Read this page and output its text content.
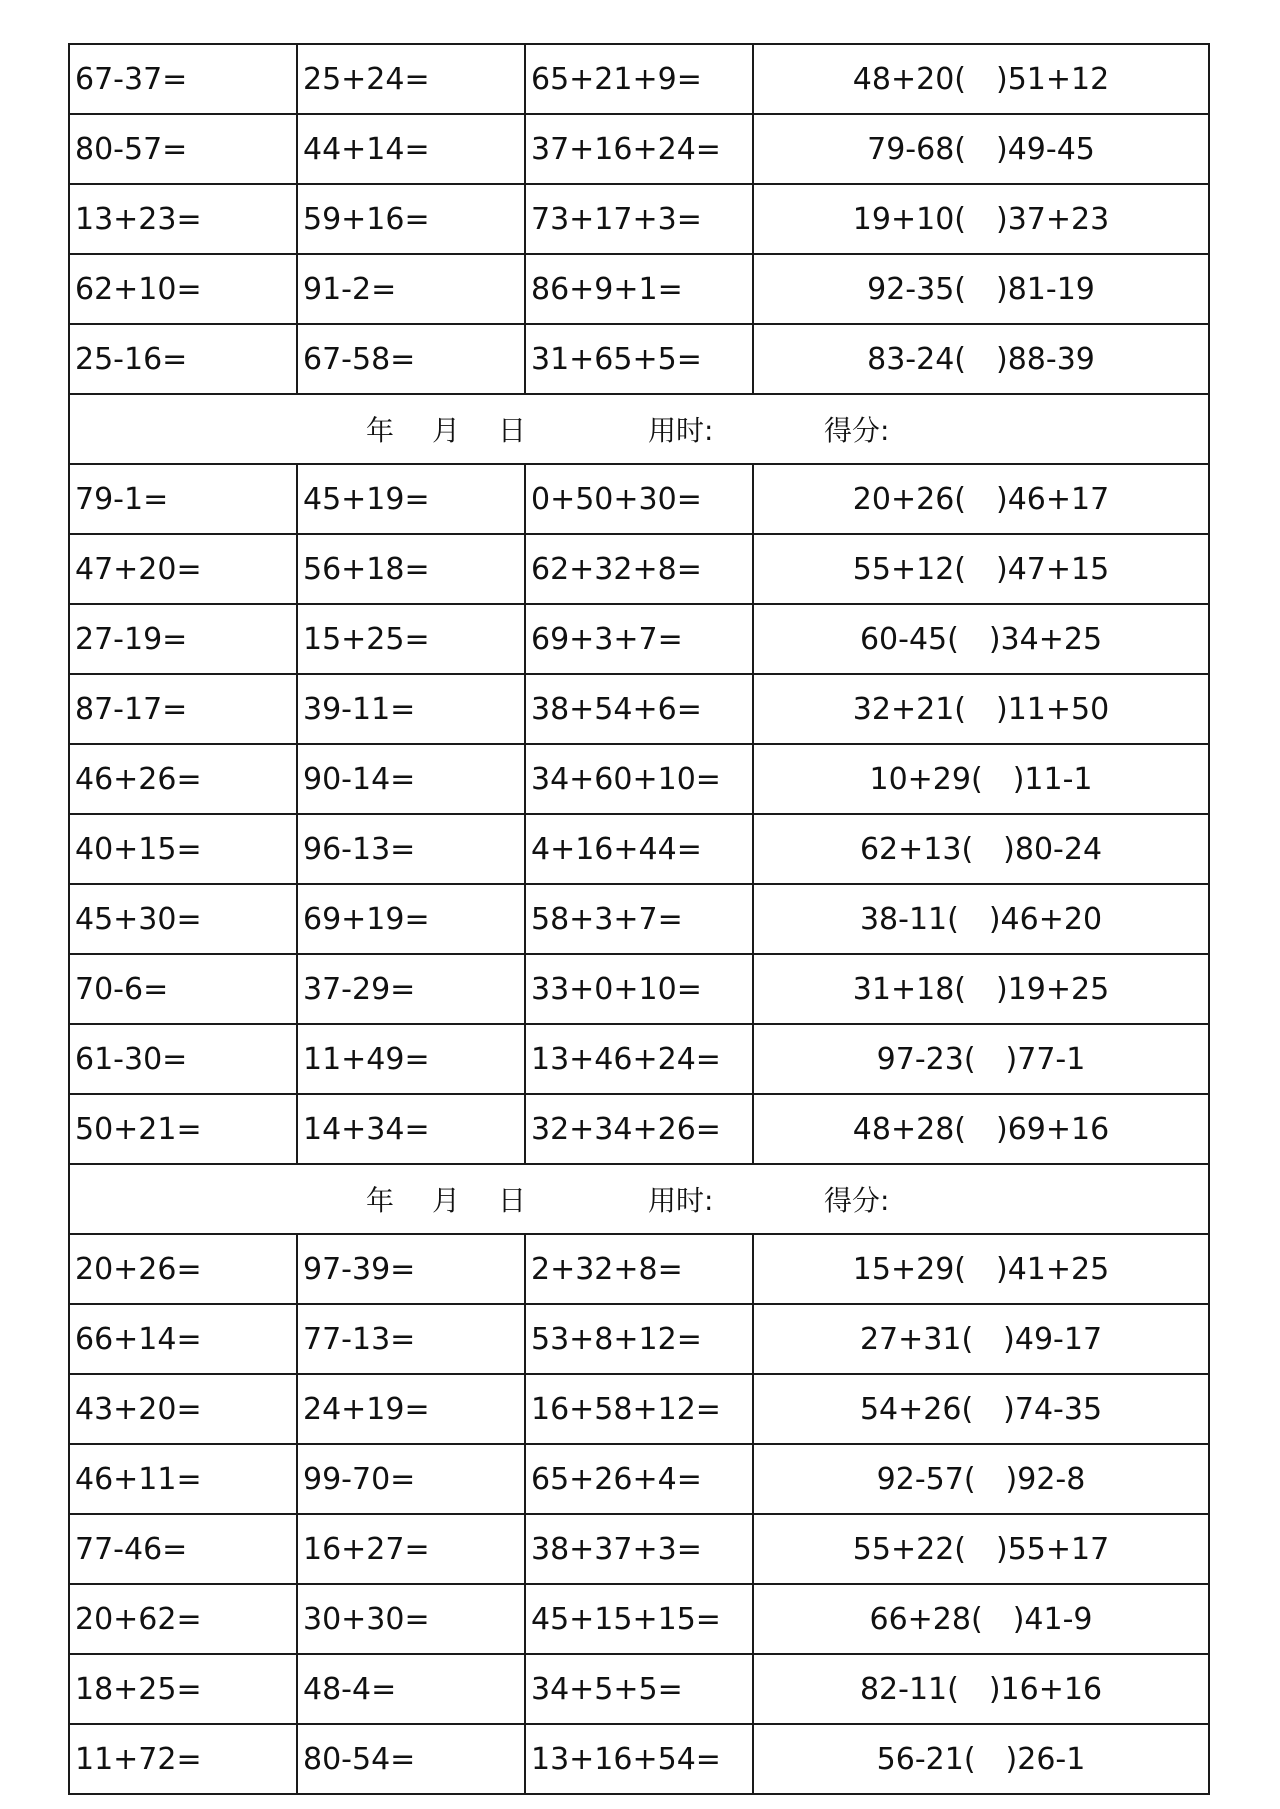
67-37=	25+24=	65+21+9=	48+20( )51+12
80-57=	44+14=	37+16+24=	79-68( )49-45
13+23=	59+16=	73+17+3=	19+10( )37+23
62+10=	91-2=	86+9+1=	92-35( )81-19
25-16=	67-58=	31+65+5=	83-24( )88-39

年 月 日 用时: 得分:			

79-1=	45+19=	0+50+30=	20+26( )46+17
47+20=	56+18=	62+32+8=	55+12( )47+15
27-19=	15+25=	69+3+7=	60-45( )34+25
87-17=	39-11=	38+54+6=	32+21( )11+50
46+26=	90-14=	34+60+10=	10+29( )11-1
40+15=	96-13=	4+16+44=	62+13( )80-24
45+30=	69+19=	58+3+7=	38-11( )46+20
70-6=	37-29=	33+0+10=	31+18( )19+25
61-30=	11+49=	13+46+24=	97-23( )77-1
50+21=	14+34=	32+34+26=	48+28( )69+16

年 月 日 用时: 得分:			

20+26=	97-39=	2+32+8=	15+29( )41+25
66+14=	77-13=	53+8+12=	27+31( )49-17
43+20=	24+19=	16+58+12=	54+26( )74-35
46+11=	99-70=	65+26+4=	92-57( )92-8
77-46=	16+27=	38+37+3=	55+22( )55+17
20+62=	30+30=	45+15+15=	66+28( )41-9
18+25=	48-4=	34+5+5=	82-11( )16+16
11+72=	80-54=	13+16+54=	56-21( )26-1
